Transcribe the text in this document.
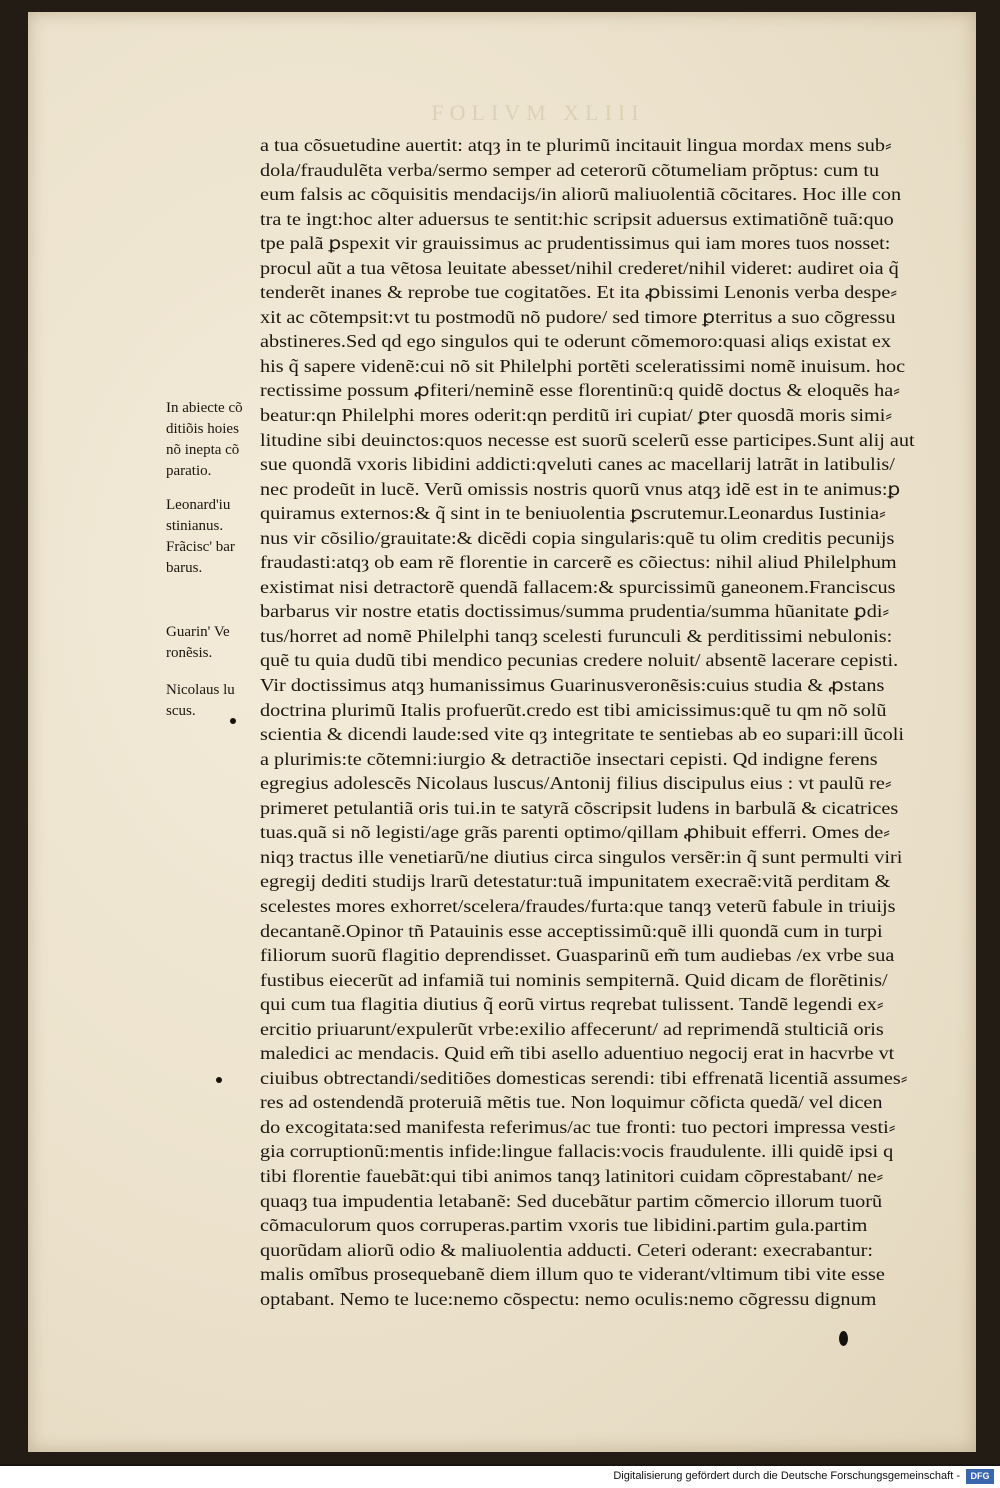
FOLIVM XLIII
a tua cõsuetudine auertit: atqȝ in te plurimũ incitauit lingua mordax mens sub⸗
dola/fraudulẽta verba/sermo semper ad ceterorũ cõtumeliam prõptus: cum tu
eum falsis ac cõquisitis mendacijs/in aliorũ maliuolentiã cõcitares. Hoc ille con
tra te ingt:hoc alter aduersus te sentit:hic scripsit aduersus extimatiõnẽ tuã:quo
tpe palã ꝑspexit vir grauissimus ac prudentissimus qui iam mores tuos nosset:
procul aũt a tua vẽtosa leuitate abesset/nihil crederet/nihil videret: audiret oia q̃
tenderẽt inanes & reprobe tue cogitatões. Et ita ꝓbissimi Lenonis verba despe⸗
xit ac cõtempsit:vt tu postmodũ nõ pudore/ sed timore ꝑterritus a suo cõgressu
abstineres.Sed qd ego singulos qui te oderunt cõmemoro:quasi aliqs existat ex
his q̃ sapere videnẽ:cui nõ sit Philelphi portẽti sceleratissimi nomẽ inuisum. hoc
rectissime possum ꝓfiteri/neminẽ esse florentinũ:q quidẽ doctus & eloquẽs ha⸗
beatur:qn Philelphi mores oderit:qn perditũ iri cupiat/ ꝑter quosdã moris simi⸗
litudine sibi deuinctos:quos necesse est suorũ scelerũ esse participes.Sunt alij aut
sue quondã vxoris libidini addicti:qveluti canes ac macellarij latrãt in latibulis/
nec prodeũt in lucẽ. Verũ omissis nostris quorũ vnus atqȝ idẽ est in te animus:ꝑ
quiramus externos:& q̃ sint in te beniuolentia ꝑscrutemur.Leonardus Iustinia⸗
nus vir cõsilio/grauitate:& dicẽdi copia singularis:quẽ tu olim creditis pecunijs
fraudasti:atqȝ ob eam rẽ florentie in carcerẽ es cõiectus: nihil aliud Philelphum
existimat nisi detractorẽ quendã fallacem:& spurcissimũ ganeonem.Franciscus
barbarus vir nostre etatis doctissimus/summa prudentia/summa hũanitate ꝑdi⸗
tus/horret ad nomẽ Philelphi tanqȝ scelesti furunculi & perditissimi nebulonis:
quẽ tu quia dudũ tibi mendico pecunias credere noluit/ absentẽ lacerare cepisti.
Vir doctissimus atqȝ humanissimus Guarinusveronẽsis:cuius studia & ꝓstans
doctrina plurimũ Italis profuerũt.credo est tibi amicissimus:quẽ tu qm nõ solũ
scientia & dicendi laude:sed vite qȝ integritate te sentiebas ab eo supari:ill ũcoli
a plurimis:te cõtemni:iurgio & detractiõe insectari cepisti. Qd indigne ferens
egregius adolescẽs Nicolaus luscus/Antonij filius discipulus eius : vt paulũ re⸗
primeret petulantiã oris tui.in te satyrã cõscripsit ludens in barbulã & cicatrices
tuas.quã si nõ legisti/age grãs parenti optimo/qillam ꝓhibuit efferri. Omes de⸗
niqȝ tractus ille venetiarũ/ne diutius circa singulos versẽr:in q̃ sunt permulti viri
egregij dediti studijs lrarũ detestatur:tuã impunitatem execraẽ:vitã perditam &
scelestes mores exhorret/scelera/fraudes/furta:que tanqȝ veterũ fabule in triuijs
decantanẽ.Opinor tñ Patauinis esse acceptissimũ:quẽ illi quondã cum in turpi
filiorum suorũ flagitio deprendisset. Guasparinũ em̃ tum audiebas /ex vrbe sua
fustibus eiecerũt ad infamiã tui nominis sempiternã. Quid dicam de florẽtinis/
qui cum tua flagitia diutius q̃ eorũ virtus reqrebat tulissent. Tandẽ legendi ex⸗
ercitio priuarunt/expulerũt vrbe:exilio affecerunt/ ad reprimendã stulticiã oris
maledici ac mendacis. Quid em̃ tibi asello aduentiuo negocij erat in hacvrbe vt
ciuibus obtrectandi/seditiões domesticas serendi: tibi effrenatã licentiã assumes⸗
res ad ostendendã proteruiã mẽtis tue. Non loquimur cõficta quedã/ vel dicen
do excogitata:sed manifesta referimus/ac tue fronti: tuo pectori impressa vesti⸗
gia corruptionũ:mentis infide:lingue fallacis:vocis fraudulente. illi quidẽ ipsi q
tibi florentie fauebãt:qui tibi animos tanqȝ latinitori cuidam cõprestabant/ ne⸗
quaqȝ tua impudentia letabanẽ: Sed ducebãtur partim cõmercio illorum tuorũ
cõmaculorum quos corruperas.partim vxoris tue libidini.partim gula.partim
quorũdam aliorũ odio & maliuolentia adducti. Ceteri oderant: execrabantur:
malis omĩbus prosequebanẽ diem illum quo te viderant/vltimum tibi vite esse
optabant. Nemo te luce:nemo cõspectu: nemo oculis:nemo cõgressu dignum
In abiecte cõ
ditiõis hoies
nõ inepta cõ
paratio.
Leonard'iu
stinianus.
Frãcisc' bar
barus.
Guarin' Ve
ronẽsis.
Nicolaus lu
scus.
Digitalisierung gefördert durch die Deutsche Forschungsgemeinschaft -	DFG
